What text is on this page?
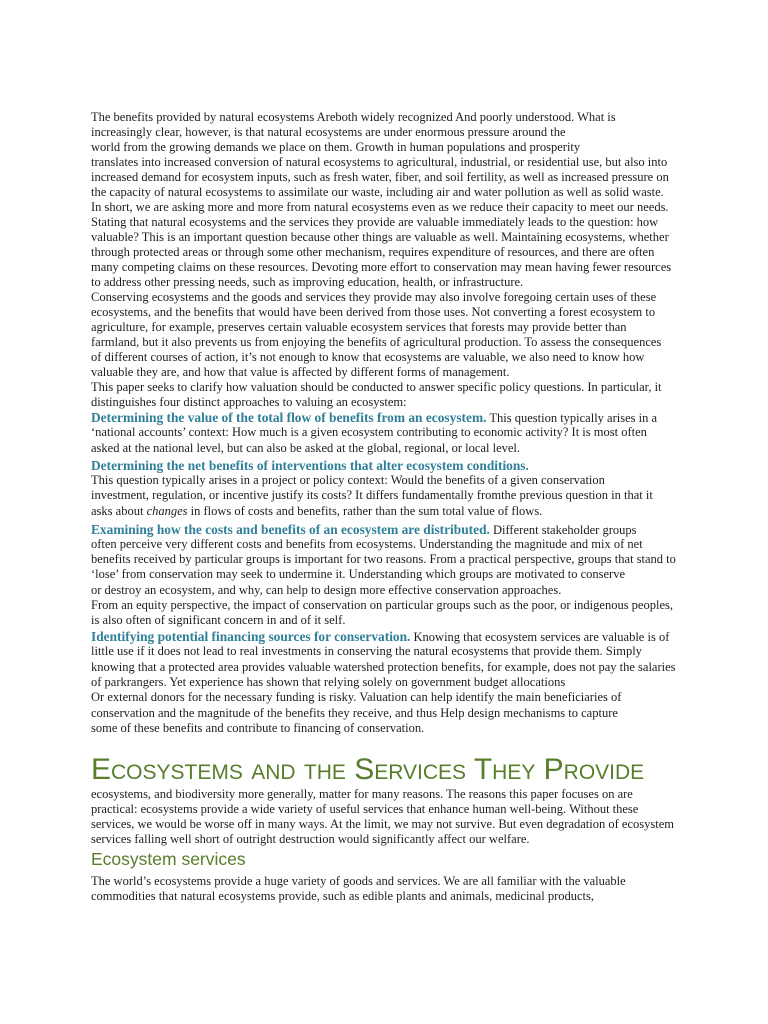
The benefits provided by natural ecosystems Areboth widely recognized And poorly understood. What is
increasingly clear, however, is that natural ecosystems are under enormous pressure around the
world from the growing demands we place on them. Growth in human populations and prosperity
translates into increased conversion of natural ecosystems to agricultural, industrial, or residential use, but also into
increased demand for ecosystem inputs, such as fresh water, fiber, and soil fertility, as well as increased pressure on
the capacity of natural ecosystems to assimilate our waste, including air and water pollution as well as solid waste.
In short, we are asking more and more from natural ecosystems even as we reduce their capacity to meet our needs.
Stating that natural ecosystems and the services they provide are valuable immediately leads to the question: how
valuable? This is an important question because other things are valuable as well. Maintaining ecosystems, whether
through protected areas or through some other mechanism, requires expenditure of resources, and there are often
many competing claims on these resources. Devoting more effort to conservation may mean having fewer resources
to address other pressing needs, such as improving education, health, or infrastructure.
Conserving ecosystems and the goods and services they provide may also involve foregoing certain uses of these
ecosystems, and the benefits that would have been derived from those uses. Not converting a forest ecosystem to
agriculture, for example, preserves certain valuable ecosystem services that forests may provide better than
farmland, but it also prevents us from enjoying the benefits of agricultural production. To assess the consequences
of different courses of action, it’s not enough to know that ecosystems are valuable, we also need to know how
valuable they are, and how that value is affected by different forms of management.
This paper seeks to clarify how valuation should be conducted to answer specific policy questions. In particular, it
distinguishes four distinct approaches to valuing an ecosystem:
Determining the value of the total flow of benefits from an ecosystem. This question typically arises in a
‘national accounts’ context: How much is a given ecosystem contributing to economic activity? It is most often
asked at the national level, but can also be asked at the global, regional, or local level.
Determining the net benefits of interventions that alter ecosystem conditions.
This question typically arises in a project or policy context: Would the benefits of a given conservation
investment, regulation, or incentive justify its costs? It differs fundamentally fromthe previous question in that it
asks about changes in flows of costs and benefits, rather than the sum total value of flows.
Examining how the costs and benefits of an ecosystem are distributed. Different stakeholder groups
often perceive very different costs and benefits from ecosystems. Understanding the magnitude and mix of net
benefits received by particular groups is important for two reasons. From a practical perspective, groups that stand to
‘lose’ from conservation may seek to undermine it. Understanding which groups are motivated to conserve
or destroy an ecosystem, and why, can help to design more effective conservation approaches.
From an equity perspective, the impact of conservation on particular groups such as the poor, or indigenous peoples,
is also often of significant concern in and of it self.
Identifying potential financing sources for conservation. Knowing that ecosystem services are valuable is of
little use if it does not lead to real investments in conserving the natural ecosystems that provide them. Simply
knowing that a protected area provides valuable watershed protection benefits, for example, does not pay the salaries
of parkrangers. Yet experience has shown that relying solely on government budget allocations
Or external donors for the necessary funding is risky. Valuation can help identify the main beneficiaries of
conservation and the magnitude of the benefits they receive, and thus Help design mechanisms to capture
some of these benefits and contribute to financing of conservation.
Ecosystems and the Services They Provide
ecosystems, and biodiversity more generally, matter for many reasons. The reasons this paper focuses on are
practical: ecosystems provide a wide variety of useful services that enhance human well-being. Without these
services, we would be worse off in many ways. At the limit, we may not survive. But even degradation of ecosystem
services falling well short of outright destruction would significantly affect our welfare.
Ecosystem services
The world’s ecosystems provide a huge variety of goods and services. We are all familiar with the valuable
commodities that natural ecosystems provide, such as edible plants and animals, medicinal products,
